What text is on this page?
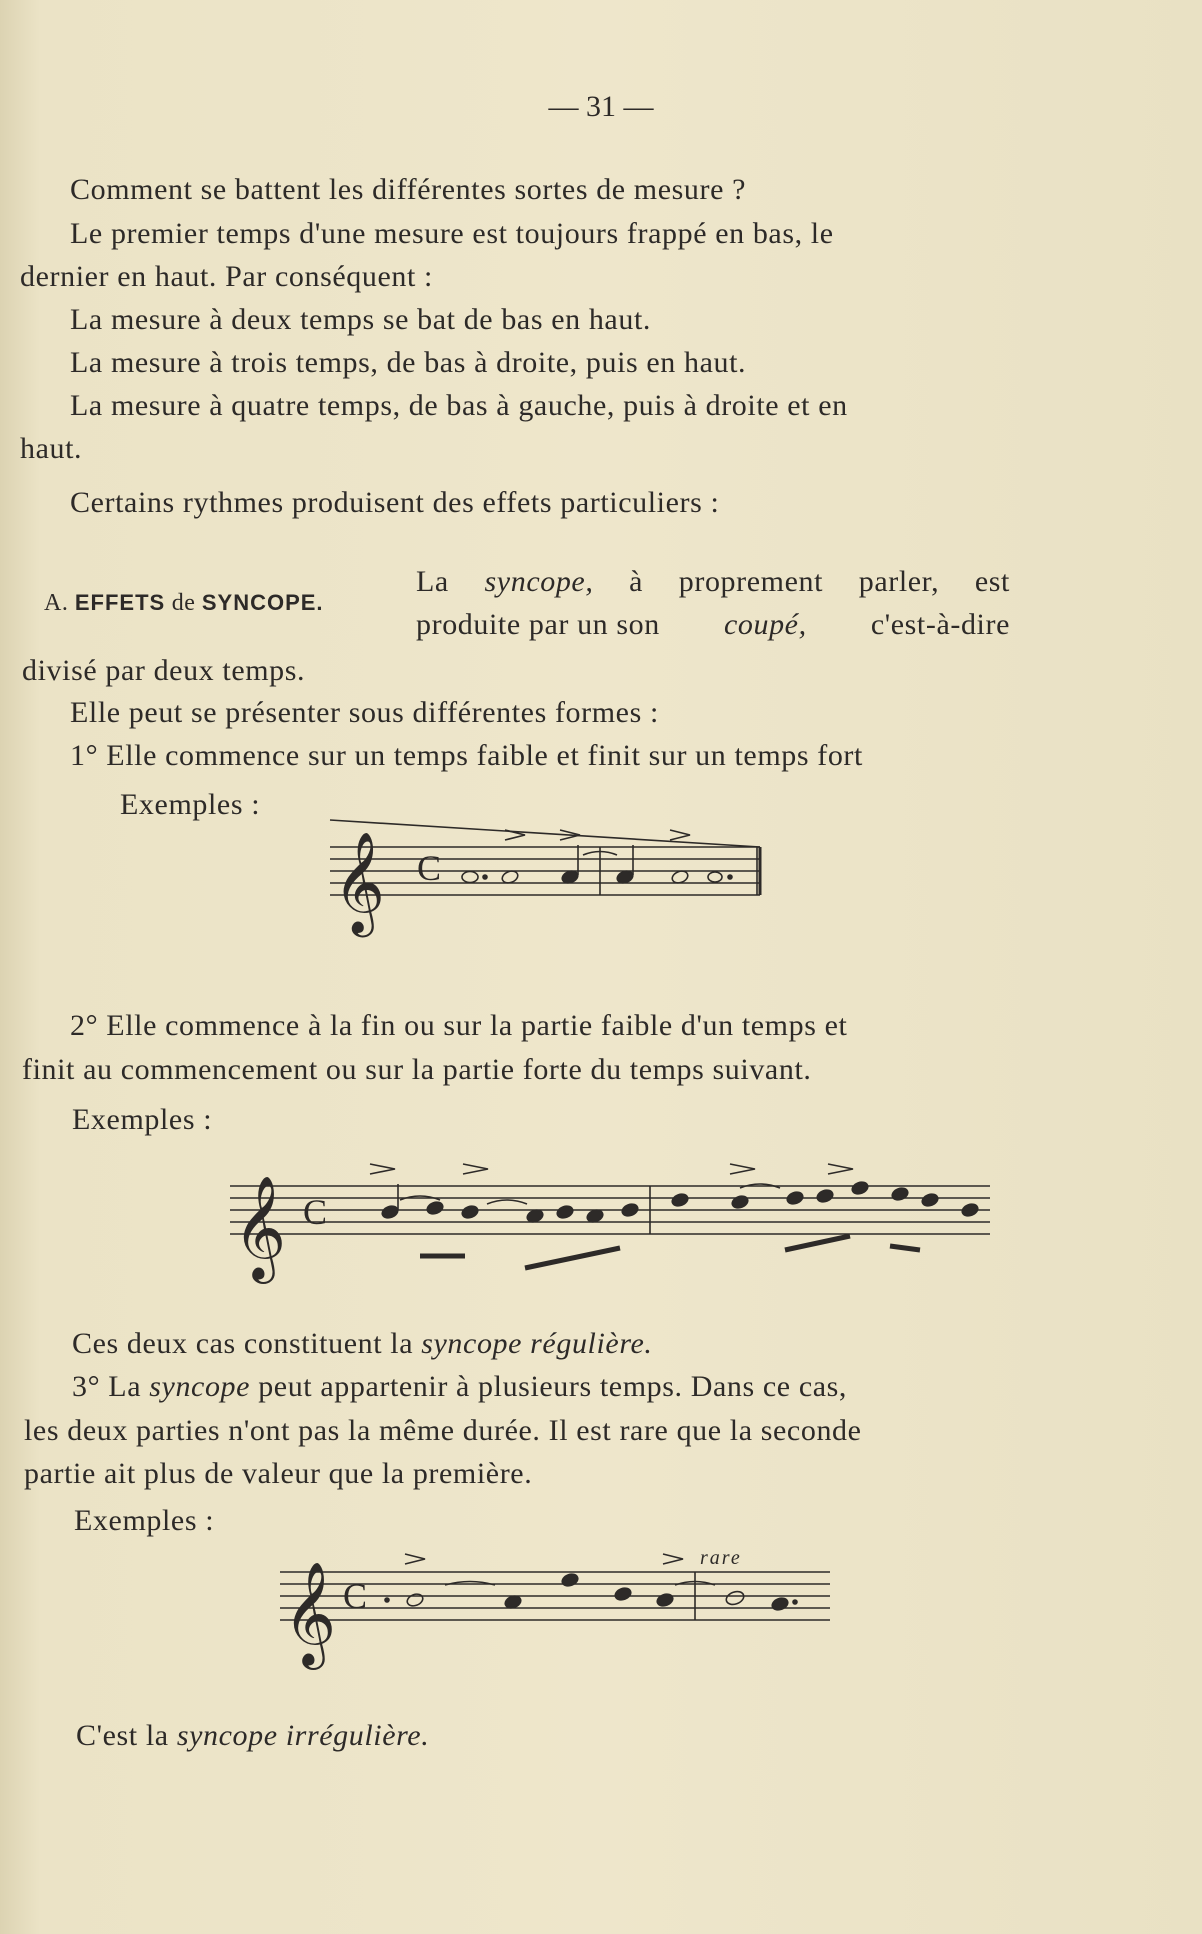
— 31 —
Comment se battent les différentes sortes de mesure ?
Le premier temps d'une mesure est toujours frappé en bas, le
dernier en haut. Par conséquent :
La mesure à deux temps se bat de bas en haut.
La mesure à trois temps, de bas à droite, puis en haut.
La mesure à quatre temps, de bas à gauche, puis à droite et en
haut.
Certains rythmes produisent des effets particuliers :
A. EFFETS de SYNCOPE.
La syncope, à proprement parler, est
produite par un son coupé, c'est-à-dire
divisé par deux temps.
Elle peut se présenter sous différentes formes :
1° Elle commence sur un temps faible et finit sur un temps fort
Exemples :
𝄞 C
2° Elle commence à la fin ou sur la partie faible d'un temps et
finit au commencement ou sur la partie forte du temps suivant.
Exemples :
𝄞 C
Ces deux cas constituent la syncope régulière.
3° La syncope peut appartenir à plusieurs temps. Dans ce cas,
les deux parties n'ont pas la même durée. Il est rare que la seconde
partie ait plus de valeur que la première.
Exemples :
𝄞 C
rare
C'est la syncope irrégulière.
